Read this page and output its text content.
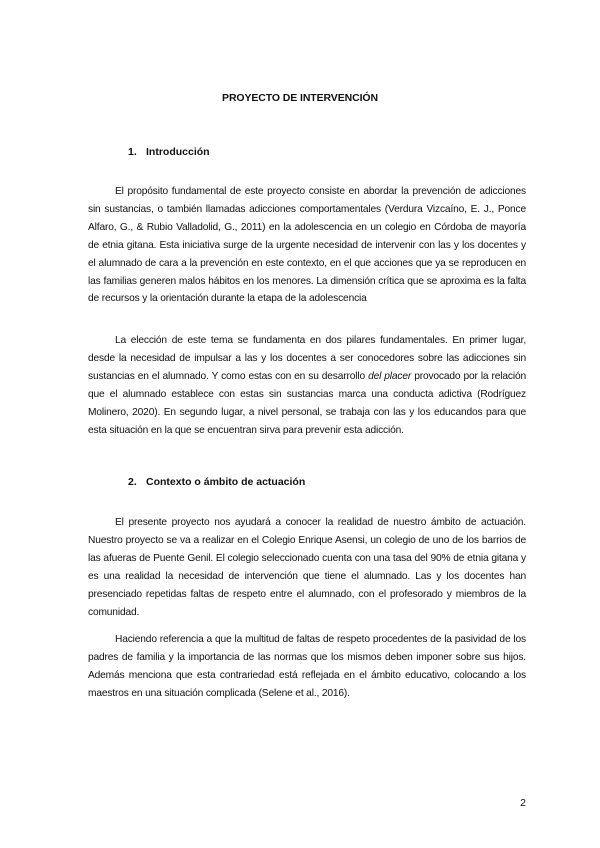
PROYECTO DE INTERVENCIÓN
1. Introducción

El propósito fundamental de este proyecto consiste en abordar la prevención de adicciones sin sustancias, o también llamadas adicciones comportamentales (Verdura Vizcaíno, E. J., Ponce Alfaro, G., & Rubio Valladolid, G., 2011) en la adolescencia en un colegio en Córdoba de mayoría de etnia gitana. Esta iniciativa surge de la urgente necesidad de intervenir con las y los docentes y el alumnado de cara a la prevención en este contexto, en el que acciones que ya se reproducen en las familias generen malos hábitos en los menores. La dimensión crítica que se aproxima es la falta de recursos y la orientación durante la etapa de la adolescencia

La elección de este tema se fundamenta en dos pilares fundamentales. En primer lugar, desde la necesidad de impulsar a las y los docentes a ser conocedores sobre las adicciones sin sustancias en el alumnado. Y como estas con en su desarrollo del placer provocado por la relación que el alumnado establece con estas sin sustancias marca una conducta adictiva (Rodríguez Molinero, 2020). En segundo lugar, a nivel personal, se trabaja con las y los educandos para que esta situación en la que se encuentran sirva para prevenir esta adicción.

2. Contexto o ámbito de actuación

El presente proyecto nos ayudará a conocer la realidad de nuestro ámbito de actuación. Nuestro proyecto se va a realizar en el Colegio Enrique Asensi, un colegio de uno de los barrios de las afueras de Puente Genil. El colegio seleccionado cuenta con una tasa del 90% de etnia gitana y es una realidad la necesidad de intervención que tiene el alumnado. Las y los docentes han presenciado repetidas faltas de respeto entre el alumnado, con el profesorado y miembros de la comunidad.

Haciendo referencia a que la multitud de faltas de respeto procedentes de la pasividad de los padres de familia y la importancia de las normas que los mismos deben imponer sobre sus hijos. Además menciona que esta contrariedad está reflejada en el ámbito educativo, colocando a los maestros en una situación complicada (Selene et al., 2016).

2
